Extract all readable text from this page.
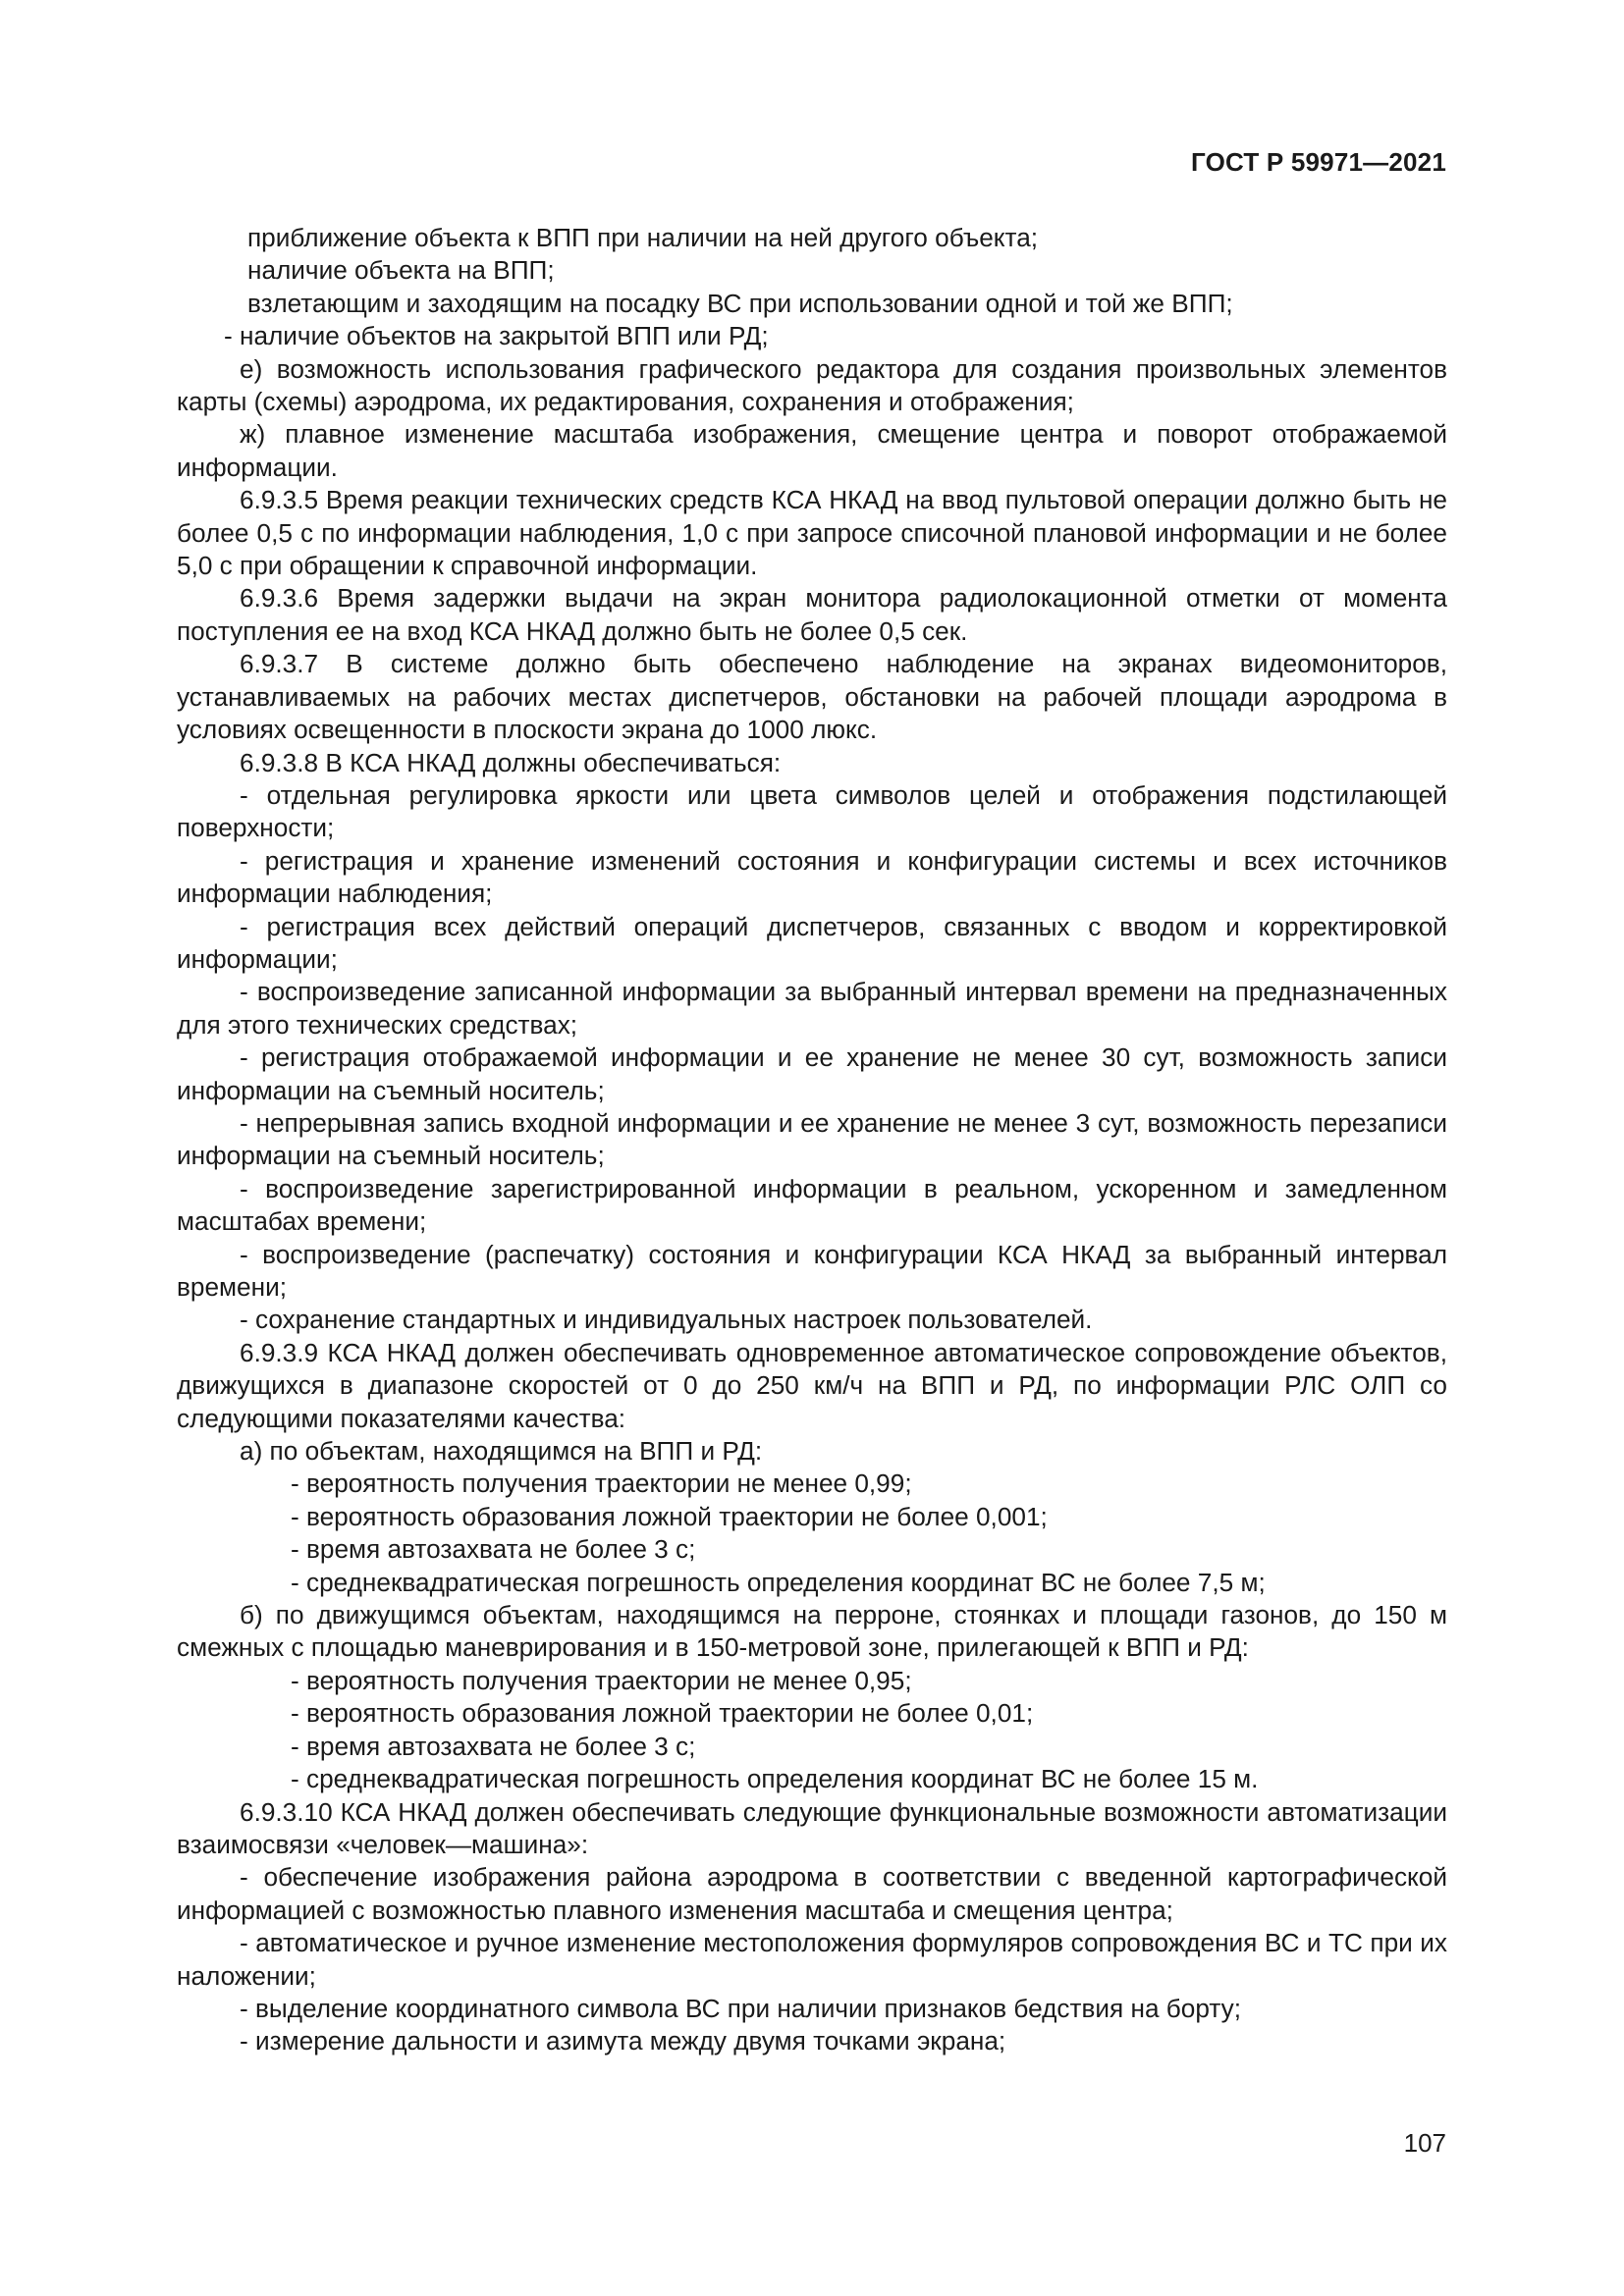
ГОСТ Р 59971—2021

приближение объекта к ВПП при наличии на ней другого объекта;

наличие объекта на ВПП;

взлетающим и заходящим на посадку ВС при использовании одной и той же ВПП;

- наличие объектов на закрытой ВПП или РД;

е) возможность использования графического редактора для создания произвольных элементов карты (схемы) аэродрома, их редактирования, сохранения и отображения;

ж) плавное изменение масштаба изображения, смещение центра и поворот отображаемой информации.

6.9.3.5 Время реакции технических средств КСА НКАД на ввод пультовой операции должно быть не более 0,5 с по информации наблюдения, 1,0 с при запросе списочной плановой информации и не более 5,0 с при обращении к справочной информации.

6.9.3.6 Время задержки выдачи на экран монитора радиолокационной отметки от момента поступления ее на вход КСА НКАД должно быть не более 0,5 сек.

6.9.3.7 В системе должно быть обеспечено наблюдение на экранах видеомониторов, устанавливаемых на рабочих местах диспетчеров, обстановки на рабочей площади аэродрома в условиях освещенности в плоскости экрана до 1000 люкс.

6.9.3.8 В КСА НКАД должны обеспечиваться:

- отдельная регулировка яркости или цвета символов целей и отображения подстилающей поверхности;

- регистрация и хранение изменений состояния и конфигурации системы и всех источников информации наблюдения;

- регистрация всех действий операций диспетчеров, связанных с вводом и корректировкой информации;

- воспроизведение записанной информации за выбранный интервал времени на предназначенных для этого технических средствах;

- регистрация отображаемой информации и ее хранение не менее 30 сут, возможность записи информации на съемный носитель;

- непрерывная запись входной информации и ее хранение не менее 3 сут, возможность перезаписи информации на съемный носитель;

- воспроизведение зарегистрированной информации в реальном, ускоренном и замедленном масштабах времени;

- воспроизведение (распечатку) состояния и конфигурации КСА НКАД за выбранный интервал времени;

- сохранение стандартных и индивидуальных настроек пользователей.

6.9.3.9 КСА НКАД должен обеспечивать одновременное автоматическое сопровождение объектов, движущихся в диапазоне скоростей от 0 до 250 км/ч на ВПП и РД, по информации РЛС ОЛП со следующими показателями качества:

а) по объектам, находящимся на ВПП и РД:

- вероятность получения траектории не менее 0,99;

- вероятность образования ложной траектории не более 0,001;

- время автозахвата не более 3 с;

- среднеквадратическая погрешность определения координат ВС не более 7,5 м;

б) по движущимся объектам, находящимся на перроне, стоянках и площади газонов, до 150 м смежных с площадью маневрирования и в 150-метровой зоне, прилегающей к ВПП и РД:

- вероятность получения траектории не менее 0,95;

- вероятность образования ложной траектории не более 0,01;

- время автозахвата не более 3 с;

- среднеквадратическая погрешность определения координат ВС не более 15 м.

6.9.3.10 КСА НКАД должен обеспечивать следующие функциональные возможности автоматизации взаимосвязи «человек—машина»:

- обеспечение изображения района аэродрома в соответствии с введенной картографической информацией с возможностью плавного изменения масштаба и смещения центра;

- автоматическое и ручное изменение местоположения формуляров сопровождения ВС и ТС при их наложении;

- выделение координатного символа ВС при наличии признаков бедствия на борту;

- измерение дальности и азимута между двумя точками экрана;

107
